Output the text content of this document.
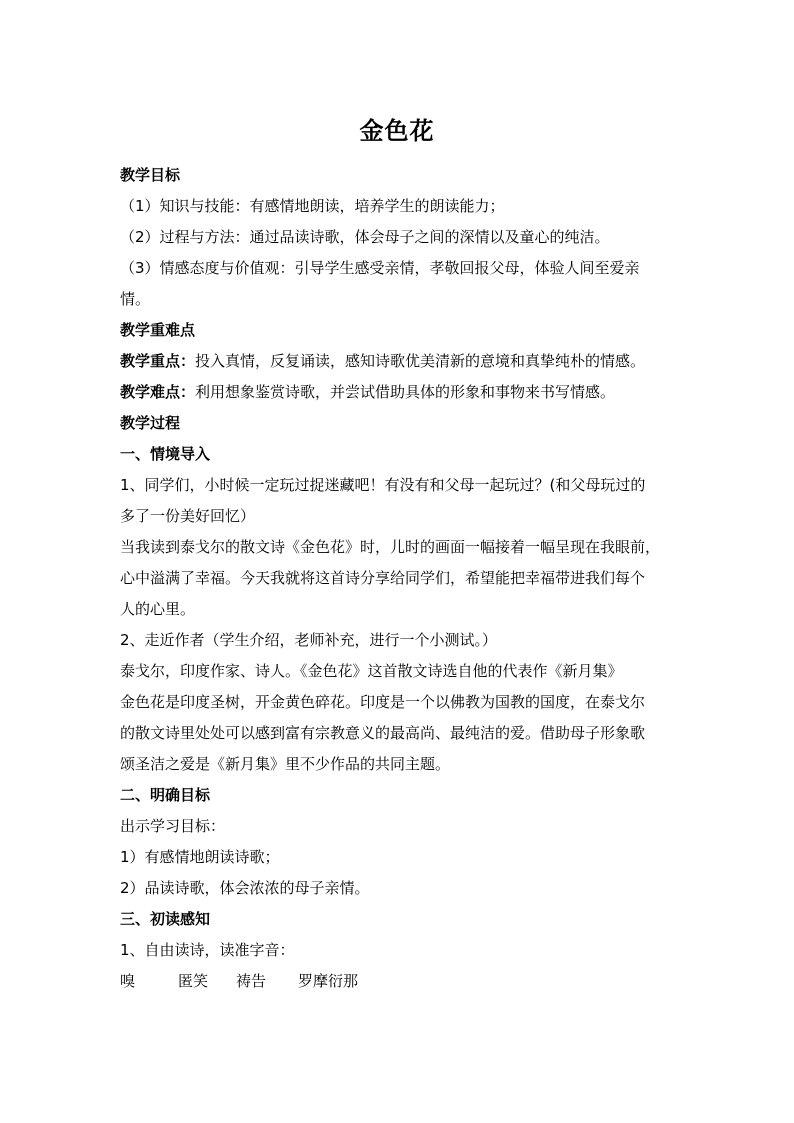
金色花
教学目标
（1）知识与技能：有感情地朗读，培养学生的朗读能力；
（2）过程与方法：通过品读诗歌，体会母子之间的深情以及童心的纯洁。
（3）情感态度与价值观：引导学生感受亲情，孝敬回报父母，体验人间至爱亲
情。
教学重难点
教学重点：投入真情，反复诵读，感知诗歌优美清新的意境和真挚纯朴的情感。
教学难点：利用想象鉴赏诗歌，并尝试借助具体的形象和事物来书写情感。
教学过程
一、情境导入
1、同学们，小时候一定玩过捉迷藏吧！有没有和父母一起玩过？(和父母玩过的
多了一份美好回忆）
当我读到泰戈尔的散文诗《金色花》时，儿时的画面一幅接着一幅呈现在我眼前，
心中溢满了幸福。今天我就将这首诗分享给同学们，希望能把幸福带进我们每个
人的心里。
2、走近作者（学生介绍，老师补充，进行一个小测试。）
泰戈尔，印度作家、诗人。《金色花》这首散文诗选自他的代表作《新月集》
金色花是印度圣树，开金黄色碎花。印度是一个以佛教为国教的国度，在泰戈尔
的散文诗里处处可以感到富有宗教意义的最高尚、最纯洁的爱。借助母子形象歌
颂圣洁之爱是《新月集》里不少作品的共同主题。
二、明确目标
出示学习目标：
1）有感情地朗读诗歌；
2）品读诗歌，体会浓浓的母子亲情。
三、初读感知
1、自由读诗，读准字音：
嗅	匿笑 祷告 罗摩衍那
